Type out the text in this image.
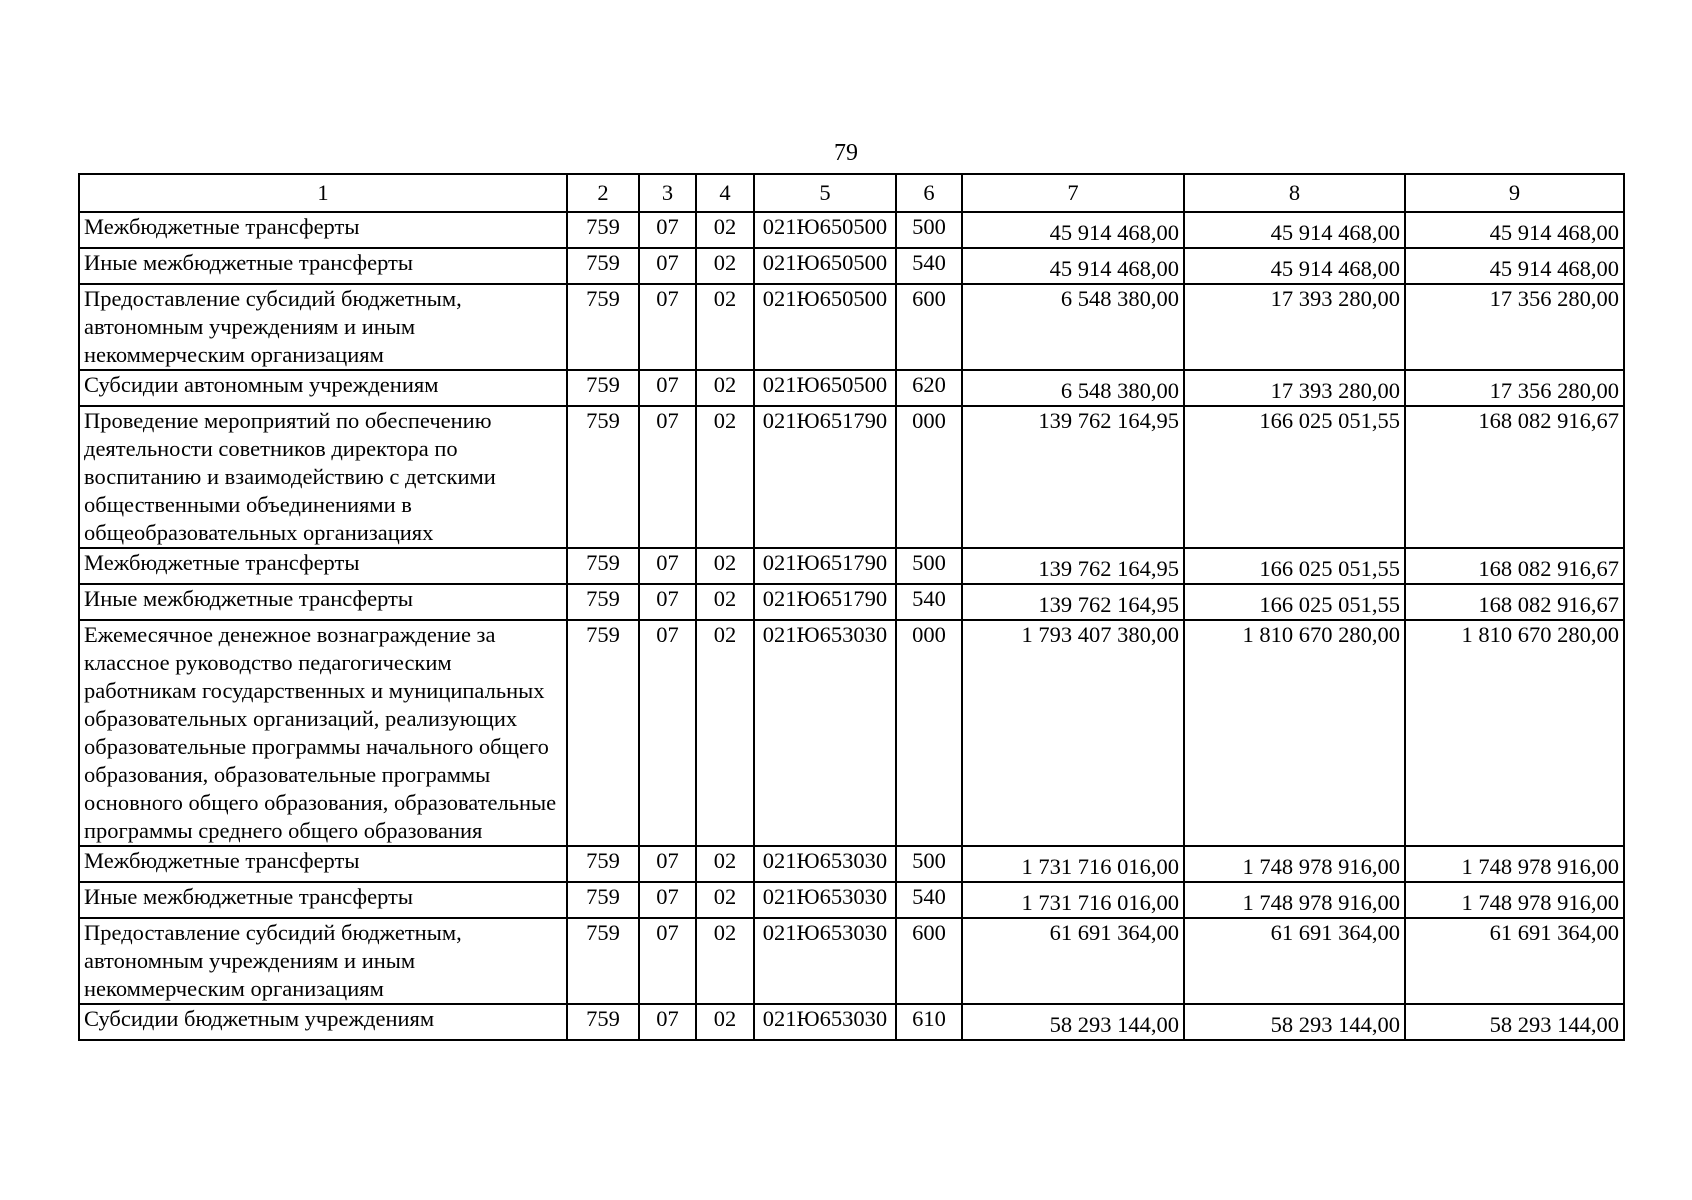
79
1	2	3	4	5	6	7	8	9
Межбюджетные трансферты	759	07	02	021Ю650500	500	45 914 468,00	45 914 468,00	45 914 468,00
Иные межбюджетные трансферты	759	07	02	021Ю650500	540	45 914 468,00	45 914 468,00	45 914 468,00
Предоставление субсидий бюджетным, автономным учреждениям и иным некоммерческим организациям	759	07	02	021Ю650500	600	6 548 380,00	17 393 280,00	17 356 280,00
Субсидии автономным учреждениям	759	07	02	021Ю650500	620	6 548 380,00	17 393 280,00	17 356 280,00
Проведение мероприятий по обеспечению деятельности советников директора по воспитанию и взаимодействию с детскими общественными объединениями в общеобразовательных организациях	759	07	02	021Ю651790	000	139 762 164,95	166 025 051,55	168 082 916,67
Межбюджетные трансферты	759	07	02	021Ю651790	500	139 762 164,95	166 025 051,55	168 082 916,67
Иные межбюджетные трансферты	759	07	02	021Ю651790	540	139 762 164,95	166 025 051,55	168 082 916,67
Ежемесячное денежное вознаграждение за классное руководство педагогическим работникам государственных и муниципальных образовательных организаций, реализующих образовательные программы начального общего образования, образовательные программы основного общего образования, образовательные программы среднего общего образования	759	07	02	021Ю653030	000	1 793 407 380,00	1 810 670 280,00	1 810 670 280,00
Межбюджетные трансферты	759	07	02	021Ю653030	500	1 731 716 016,00	1 748 978 916,00	1 748 978 916,00
Иные межбюджетные трансферты	759	07	02	021Ю653030	540	1 731 716 016,00	1 748 978 916,00	1 748 978 916,00
Предоставление субсидий бюджетным, автономным учреждениям и иным некоммерческим организациям	759	07	02	021Ю653030	600	61 691 364,00	61 691 364,00	61 691 364,00
Субсидии бюджетным учреждениям	759	07	02	021Ю653030	610	58 293 144,00	58 293 144,00	58 293 144,00
